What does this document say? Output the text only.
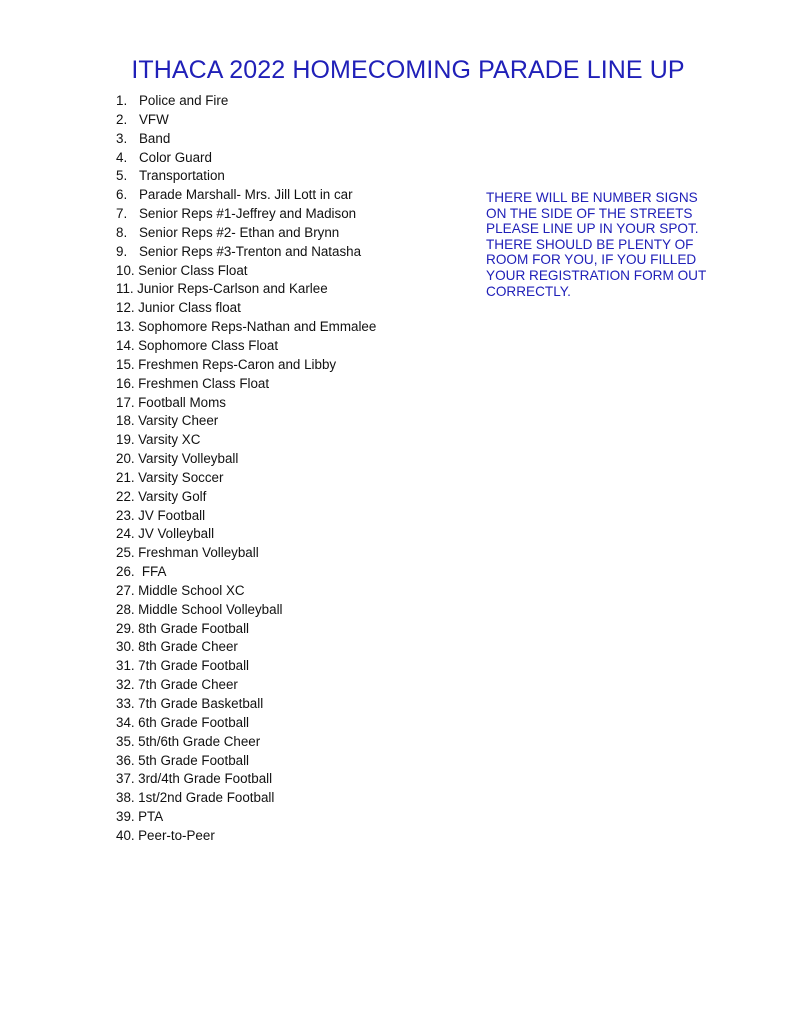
ITHACA 2022 HOMECOMING PARADE LINE UP
1. Police and Fire
2. VFW
3. Band
4. Color Guard
5. Transportation
6. Parade Marshall- Mrs. Jill Lott in car
7. Senior Reps #1-Jeffrey and Madison
8. Senior Reps #2- Ethan and Brynn
9. Senior Reps #3-Trenton and Natasha
10. Senior Class Float
11. Junior Reps-Carlson and Karlee
12. Junior Class float
13. Sophomore Reps-Nathan and Emmalee
14. Sophomore Class Float
15. Freshmen Reps-Caron and Libby
16. Freshmen Class Float
17. Football Moms
18. Varsity Cheer
19. Varsity XC
20. Varsity Volleyball
21. Varsity Soccer
22. Varsity Golf
23. JV Football
24. JV Volleyball
25. Freshman Volleyball
26. FFA
27. Middle School XC
28. Middle School Volleyball
29. 8th Grade Football
30. 8th Grade Cheer
31. 7th Grade Football
32. 7th Grade Cheer
33. 7th Grade Basketball
34. 6th Grade Football
35. 5th/6th Grade Cheer
36. 5th Grade Football
37. 3rd/4th Grade Football
38. 1st/2nd Grade Football
39. PTA
40. Peer-to-Peer
THERE WILL BE NUMBER SIGNS
ON THE SIDE OF THE STREETS
PLEASE LINE UP IN YOUR SPOT.
THERE SHOULD BE PLENTY OF
ROOM FOR YOU, IF YOU FILLED
YOUR REGISTRATION FORM OUT
CORRECTLY.
